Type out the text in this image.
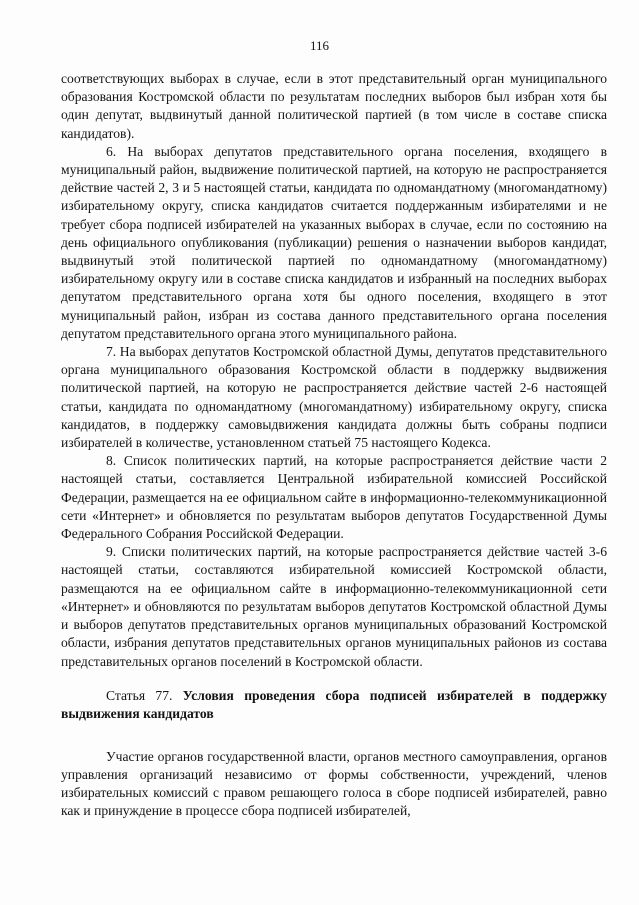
116

соответствующих выборах в случае, если в этот представительный орган муниципального образования Костромской области по результатам последних выборов был избран хотя бы один депутат, выдвинутый данной политической партией (в том числе в составе списка кандидатов).

6. На выборах депутатов представительного органа поселения, входящего в муниципальный район, выдвижение политической партией, на которую не распространяется действие частей 2, 3 и 5 настоящей статьи, кандидата по одномандатному (многомандатному) избирательному округу, списка кандидатов считается поддержанным избирателями и не требует сбора подписей избирателей на указанных выборах в случае, если по состоянию на день официального опубликования (публикации) решения о назначении выборов кандидат, выдвинутый этой политической партией по одномандатному (многомандатному) избирательному округу или в составе списка кандидатов и избранный на последних выборах депутатом представительного органа хотя бы одного поселения, входящего в этот муниципальный район, избран из состава данного представительного органа поселения депутатом представительного органа этого муниципального района.

7. На выборах депутатов Костромской областной Думы, депутатов представительного органа муниципального образования Костромской области в поддержку выдвижения политической партией, на которую не распространяется действие частей 2-6 настоящей статьи, кандидата по одномандатному (многомандатному) избирательному округу, списка кандидатов, в поддержку самовыдвижения кандидата должны быть собраны подписи избирателей в количестве, установленном статьей 75 настоящего Кодекса.

8. Список политических партий, на которые распространяется действие части 2 настоящей статьи, составляется Центральной избирательной комиссией Российской Федерации, размещается на ее официальном сайте в информационно-телекоммуникационной сети «Интернет» и обновляется по результатам выборов депутатов Государственной Думы Федерального Собрания Российской Федерации.

9. Списки политических партий, на которые распространяется действие частей 3-6 настоящей статьи, составляются избирательной комиссией Костромской области, размещаются на ее официальном сайте в информационно-телекоммуникационной сети «Интернет» и обновляются по результатам выборов депутатов Костромской областной Думы и выборов депутатов представительных органов муниципальных образований Костромской области, избрания депутатов представительных органов муниципальных районов из состава представительных органов поселений в Костромской области.

Статья 77. Условия проведения сбора подписей избирателей в поддержку выдвижения кандидатов

Участие органов государственной власти, органов местного самоуправления, органов управления организаций независимо от формы собственности, учреждений, членов избирательных комиссий с правом решающего голоса в сборе подписей избирателей, равно как и принуждение в процессе сбора подписей избирателей,
